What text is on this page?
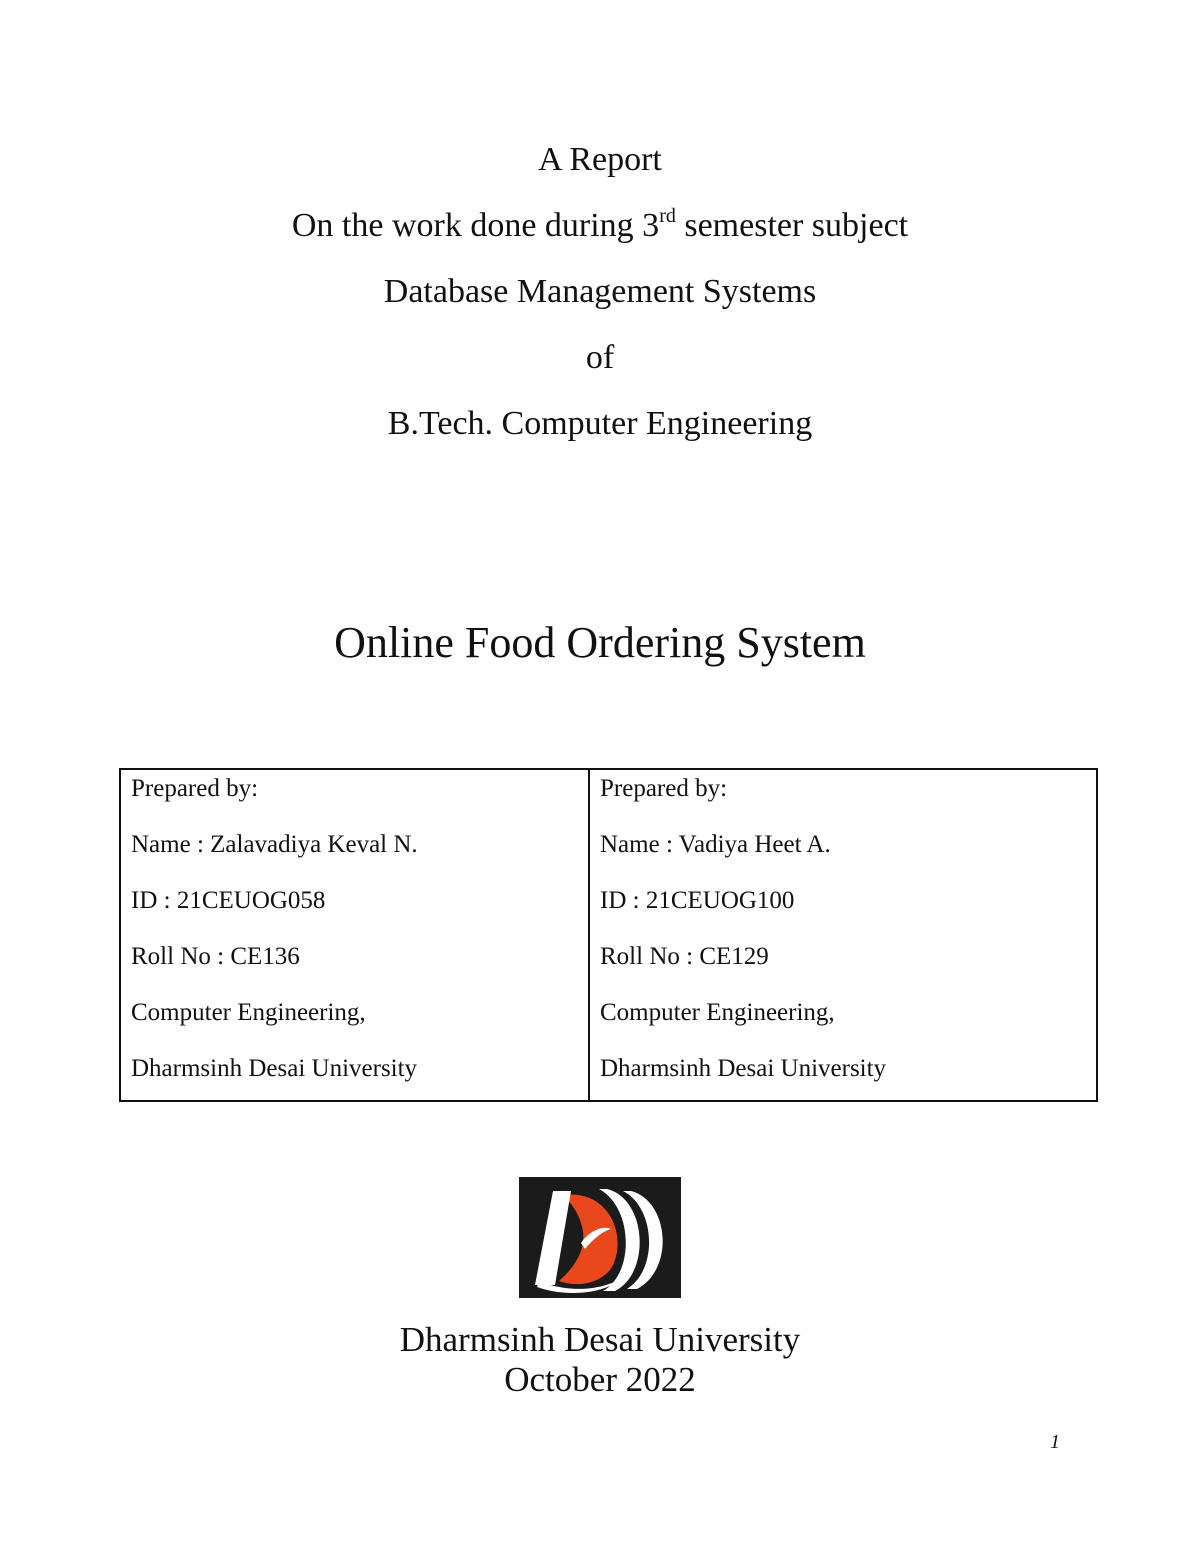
A Report
On the work done during 3rd semester subject
Database Management Systems
of
B.Tech. Computer Engineering
Online Food Ordering System
Prepared by:
Name : Zalavadiya Keval N.
ID : 21CEUOG058
Roll No : CE136
Computer Engineering,
Dharmsinh Desai University
Prepared by:
Name : Vadiya Heet A.
ID : 21CEUOG100
Roll No : CE129
Computer Engineering,
Dharmsinh Desai University
Dharmsinh Desai University
October 2022
1
